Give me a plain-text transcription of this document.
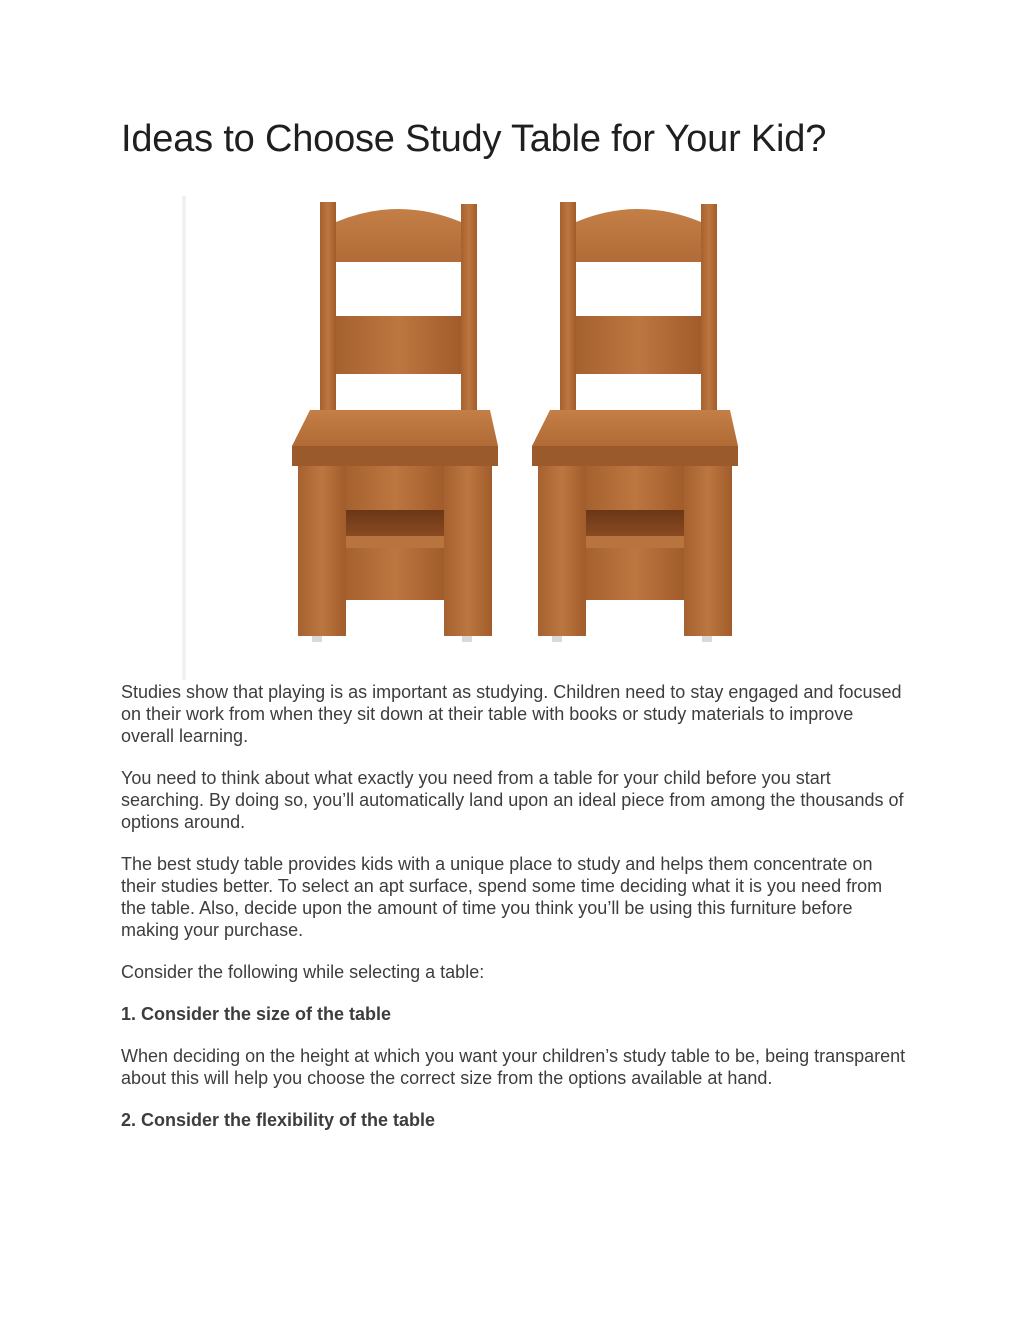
Ideas to Choose Study Table for Your Kid?

Studies show that playing is as important as studying. Children need to stay engaged and focused on their work from when they sit down at their table with books or study materials to improve overall learning.

You need to think about what exactly you need from a table for your child before you start searching. By doing so, you’ll automatically land upon an ideal piece from among the thousands of options around.

The best study table provides kids with a unique place to study and helps them concentrate on their studies better. To select an apt surface, spend some time deciding what it is you need from the table. Also, decide upon the amount of time you think you’ll be using this furniture before making your purchase.

Consider the following while selecting a table:

1. Consider the size of the table

When deciding on the height at which you want your children’s study table to be, being transparent about this will help you choose the correct size from the options available at hand.

2. Consider the flexibility of the table
